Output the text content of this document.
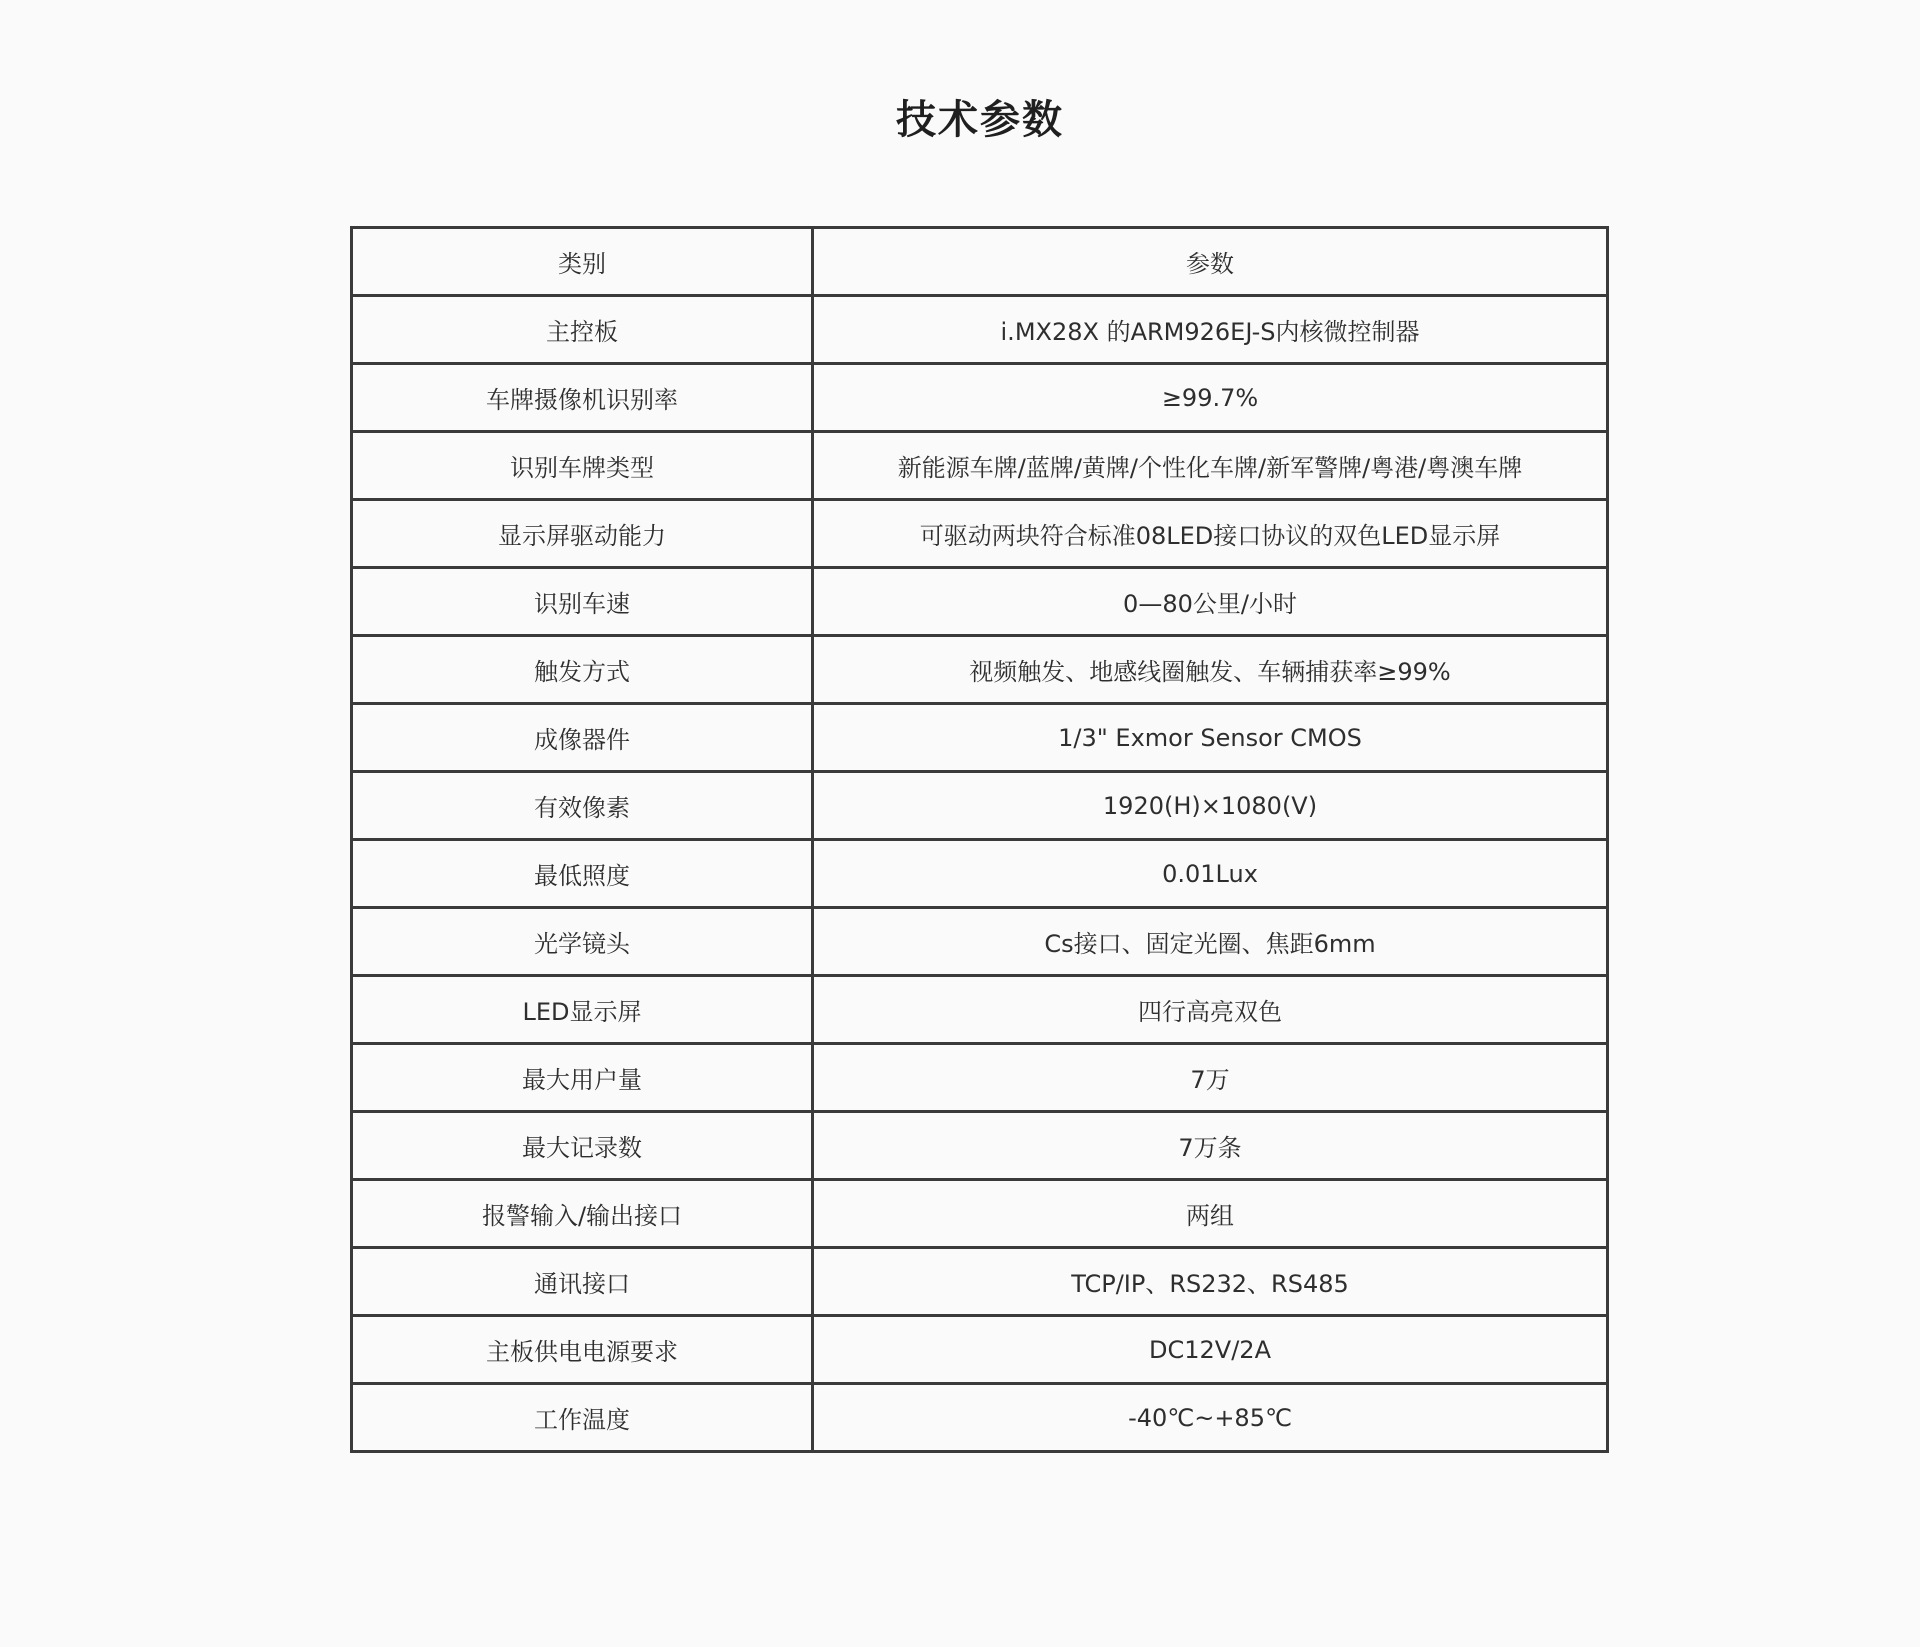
技术参数
类别	参数
主控板	i.MX28X 的ARM926EJ-S内核微控制器
车牌摄像机识别率	≥99.7%
识别车牌类型	新能源车牌/蓝牌/黄牌/个性化车牌/新军警牌/粤港/粤澳车牌
显示屏驱动能力	可驱动两块符合标准08LED接口协议的双色LED显示屏
识别车速	0—80公里/小时
触发方式	视频触发、地感线圈触发、车辆捕获率≥99%
成像器件	1/3" Exmor Sensor CMOS
有效像素	1920(H)×1080(V)
最低照度	0.01Lux
光学镜头	Cs接口、固定光圈、焦距6mm
LED显示屏	四行高亮双色
最大用户量	7万
最大记录数	7万条
报警输入/输出接口	两组
通讯接口	TCP/IP、RS232、RS485
主板供电电源要求	DC12V/2A
工作温度	-40℃~+85℃
